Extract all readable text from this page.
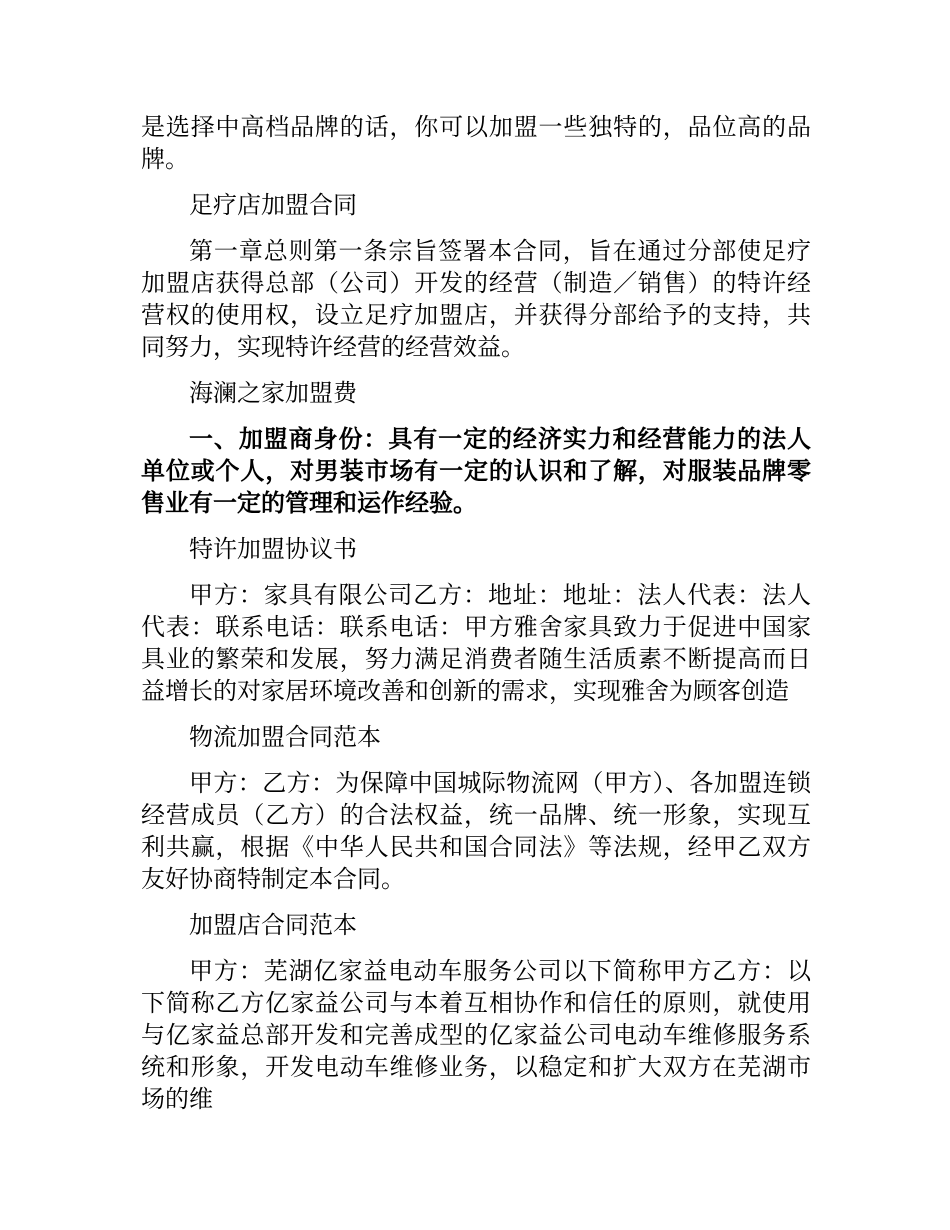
是选择中高档品牌的话，你可以加盟一些独特的，品位高的品牌。

足疗店加盟合同

第一章总则第一条宗旨签署本合同，旨在通过分部使足疗加盟店获得总部（公司）开发的经营（制造／销售）的特许经营权的使用权，设立足疗加盟店，并获得分部给予的支持，共同努力，实现特许经营的经营效益。

海澜之家加盟费

一、加盟商身份：具有一定的经济实力和经营能力的法人单位或个人，对男装市场有一定的认识和了解，对服装品牌零售业有一定的管理和运作经验。

特许加盟协议书

甲方：家具有限公司乙方：地址：地址：法人代表：法人代表：联系电话：联系电话：甲方雅舍家具致力于促进中国家具业的繁荣和发展，努力满足消费者随生活质素不断提高而日益增长的对家居环境改善和创新的需求，实现雅舍为顾客创造

物流加盟合同范本

甲方：乙方：为保障中国城际物流网（甲方）、各加盟连锁经营成员（乙方）的合法权益，统一品牌、统一形象，实现互利共赢，根据《中华人民共和国合同法》等法规，经甲乙双方友好协商特制定本合同。

加盟店合同范本

甲方：芜湖亿家益电动车服务公司以下简称甲方乙方：以下简称乙方亿家益公司与本着互相协作和信任的原则，就使用与亿家益总部开发和完善成型的亿家益公司电动车维修服务系统和形象，开发电动车维修业务，以稳定和扩大双方在芜湖市场的维
